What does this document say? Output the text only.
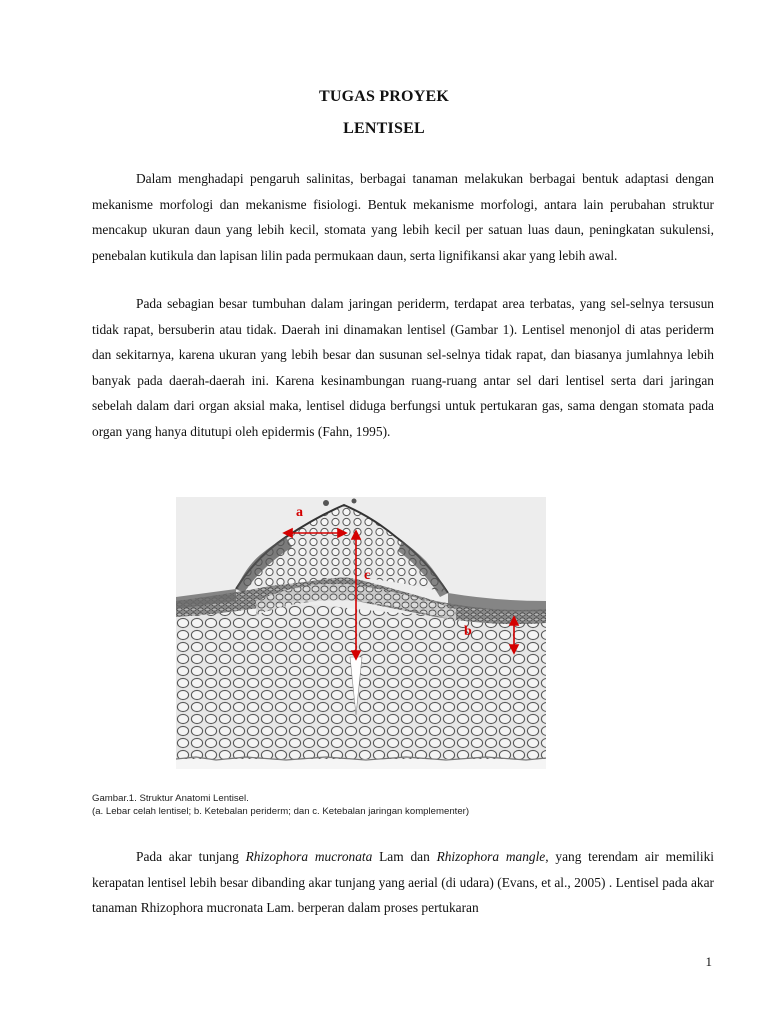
TUGAS PROYEK
LENTISEL

Dalam menghadapi pengaruh salinitas, berbagai tanaman melakukan berbagai bentuk adaptasi dengan mekanisme morfologi dan mekanisme fisiologi. Bentuk mekanisme morfologi, antara lain perubahan struktur mencakup ukuran daun yang lebih kecil, stomata yang lebih kecil per satuan luas daun, peningkatan sukulensi, penebalan kutikula dan lapisan lilin pada permukaan daun, serta lignifikansi akar yang lebih awal.

Pada sebagian besar tumbuhan dalam jaringan periderm, terdapat area terbatas, yang sel-selnya tersusun tidak rapat, bersuberin atau tidak. Daerah ini dinamakan lentisel (Gambar 1). Lentisel menonjol di atas periderm dan sekitarnya, karena ukuran yang lebih besar dan susunan sel-selnya tidak rapat, dan biasanya jumlahnya lebih banyak pada daerah-daerah ini. Karena kesinambungan ruang-ruang antar sel dari lentisel serta dari jaringan sebelah dalam dari organ aksial maka, lentisel diduga berfungsi untuk pertukaran gas, sama dengan stomata pada organ yang hanya ditutupi oleh epidermis (Fahn, 1995).

a
c
b
Gambar.1. Struktur Anatomi Lentisel.
(a. Lebar celah lentisel; b. Ketebalan periderm; dan c. Ketebalan jaringan komplementer)

Pada akar tunjang Rhizophora mucronata Lam dan Rhizophora mangle, yang terendam air memiliki kerapatan lentisel lebih besar dibanding akar tunjang yang aerial (di udara) (Evans, et al., 2005) . Lentisel pada akar tanaman Rhizophora mucronata Lam. berperan dalam proses pertukaran

1
